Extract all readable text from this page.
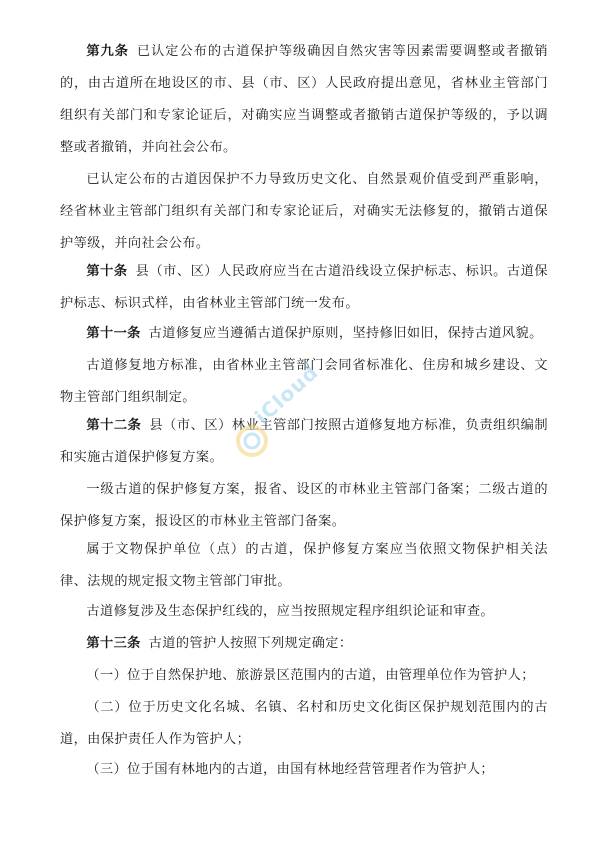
第九条 已认定公布的古道保护等级确因自然灾害等因素需要调整或者撤销的，由古道所在地设区的市、县（市、区）人民政府提出意见，省林业主管部门组织有关部门和专家论证后，对确实应当调整或者撤销古道保护等级的，予以调整或者撤销，并向社会公布。

已认定公布的古道因保护不力导致历史文化、自然景观价值受到严重影响，经省林业主管部门组织有关部门和专家论证后，对确实无法修复的，撤销古道保护等级，并向社会公布。

第十条 县（市、区）人民政府应当在古道沿线设立保护标志、标识。古道保护标志、标识式样，由省林业主管部门统一发布。

第十一条 古道修复应当遵循古道保护原则，坚持修旧如旧，保持古道风貌。

古道修复地方标准，由省林业主管部门会同省标准化、住房和城乡建设、文物主管部门组织制定。

第十二条 县（市、区）林业主管部门按照古道修复地方标准，负责组织编制和实施古道保护修复方案。

一级古道的保护修复方案，报省、设区的市林业主管部门备案；二级古道的保护修复方案，报设区的市林业主管部门备案。

属于文物保护单位（点）的古道，保护修复方案应当依照文物保护相关法律、法规的规定报文物主管部门审批。

古道修复涉及生态保护红线的，应当按照规定程序组织论证和审查。

第十三条 古道的管护人按照下列规定确定：

（一）位于自然保护地、旅游景区范围内的古道，由管理单位作为管护人；

（二）位于历史文化名城、名镇、名村和历史文化街区保护规划范围内的古道，由保护责任人作为管护人；

（三）位于国有林地内的古道，由国有林地经营管理者作为管护人；

iCloud
